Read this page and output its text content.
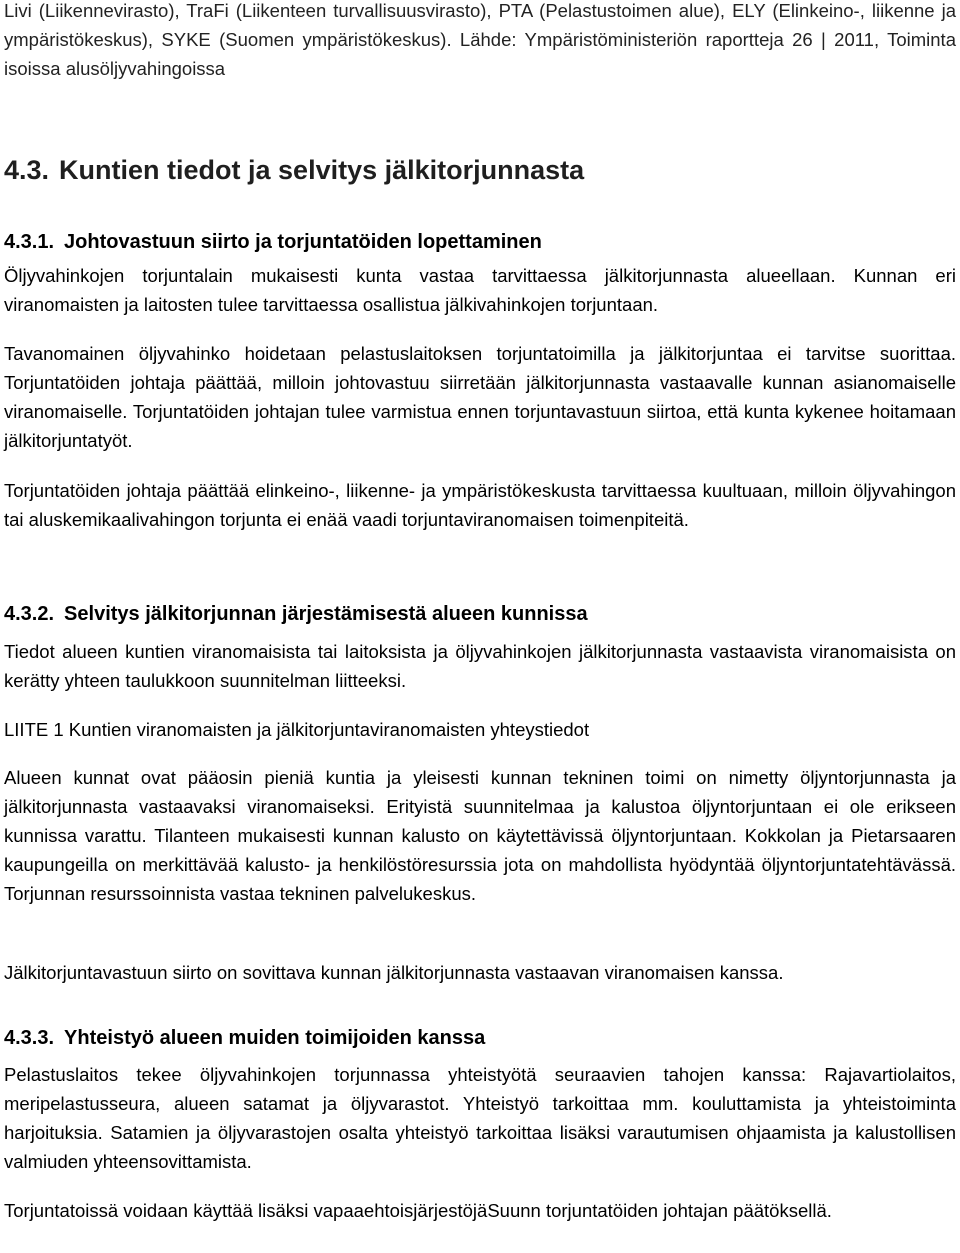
Livi (Liikennevirasto), TraFi (Liikenteen turvallisuusvirasto), PTA (Pelastustoimen alue), ELY (Elinkeino-, liikenne ja ympäristökeskus), SYKE (Suomen ympäristökeskus). Lähde: Ympäristöministeriön raportteja 26 | 2011, Toiminta isoissa alusöljyvahingoissa

4.3. Kuntien tiedot ja selvitys jälkitorjunnasta
4.3.1. Johtovastuun siirto ja torjuntatöiden lopettaminen

Öljyvahinkojen torjuntalain mukaisesti kunta vastaa tarvittaessa jälkitorjunnasta alueellaan. Kunnan eri viranomaisten ja laitosten tulee tarvittaessa osallistua jälkivahinkojen torjuntaan.

Tavanomainen öljyvahinko hoidetaan pelastuslaitoksen torjuntatoimilla ja jälkitorjuntaa ei tarvitse suorittaa. Torjuntatöiden johtaja päättää, milloin johtovastuu siirretään jälkitorjunnasta vastaavalle kunnan asianomaiselle viranomaiselle. Torjuntatöiden johtajan tulee varmistua ennen torjuntavastuun siirtoa, että kunta kykenee hoitamaan jälkitorjuntatyöt.

Torjuntatöiden johtaja päättää elinkeino-, liikenne- ja ympäristökeskusta tarvittaessa kuultuaan, milloin öljyvahingon tai aluskemikaalivahingon torjunta ei enää vaadi torjuntaviranomaisen toimenpiteitä.

4.3.2. Selvitys jälkitorjunnan järjestämisestä alueen kunnissa

Tiedot alueen kuntien viranomaisista tai laitoksista ja öljyvahinkojen jälkitorjunnasta vastaavista viranomaisista on kerätty yhteen taulukkoon suunnitelman liitteeksi.

LIITE 1 Kuntien viranomaisten ja jälkitorjuntaviranomaisten yhteystiedot

Alueen kunnat ovat pääosin pieniä kuntia ja yleisesti kunnan tekninen toimi on nimetty öljyntorjunnasta ja jälkitorjunnasta vastaavaksi viranomaiseksi. Erityistä suunnitelmaa ja kalustoa öljyntorjuntaan ei ole erikseen kunnissa varattu. Tilanteen mukaisesti kunnan kalusto on käytettävissä öljyntorjuntaan. Kokkolan ja Pietarsaaren kaupungeilla on merkittävää kalusto- ja henkilöstöresurssia jota on mahdollista hyödyntää öljyntorjuntatehtävässä. Torjunnan resurssoinnista vastaa tekninen palvelukeskus.

Jälkitorjuntavastuun siirto on sovittava kunnan jälkitorjunnasta vastaavan viranomaisen kanssa.

4.3.3. Yhteistyö alueen muiden toimijoiden kanssa

Pelastuslaitos tekee öljyvahinkojen torjunnassa yhteistyötä seuraavien tahojen kanssa: Rajavartiolaitos, meripelastusseura, alueen satamat ja öljyvarastot. Yhteistyö tarkoittaa mm. kouluttamista ja yhteistoiminta harjoituksia. Satamien ja öljyvarastojen osalta yhteistyö tarkoittaa lisäksi varautumisen ohjaamista ja kalustollisen valmiuden yhteensovittamista.

Torjuntatoissä voidaan käyttää lisäksi vapaaehtoisjärjestöjäSuunn torjuntatöiden johtajan päätöksellä.
